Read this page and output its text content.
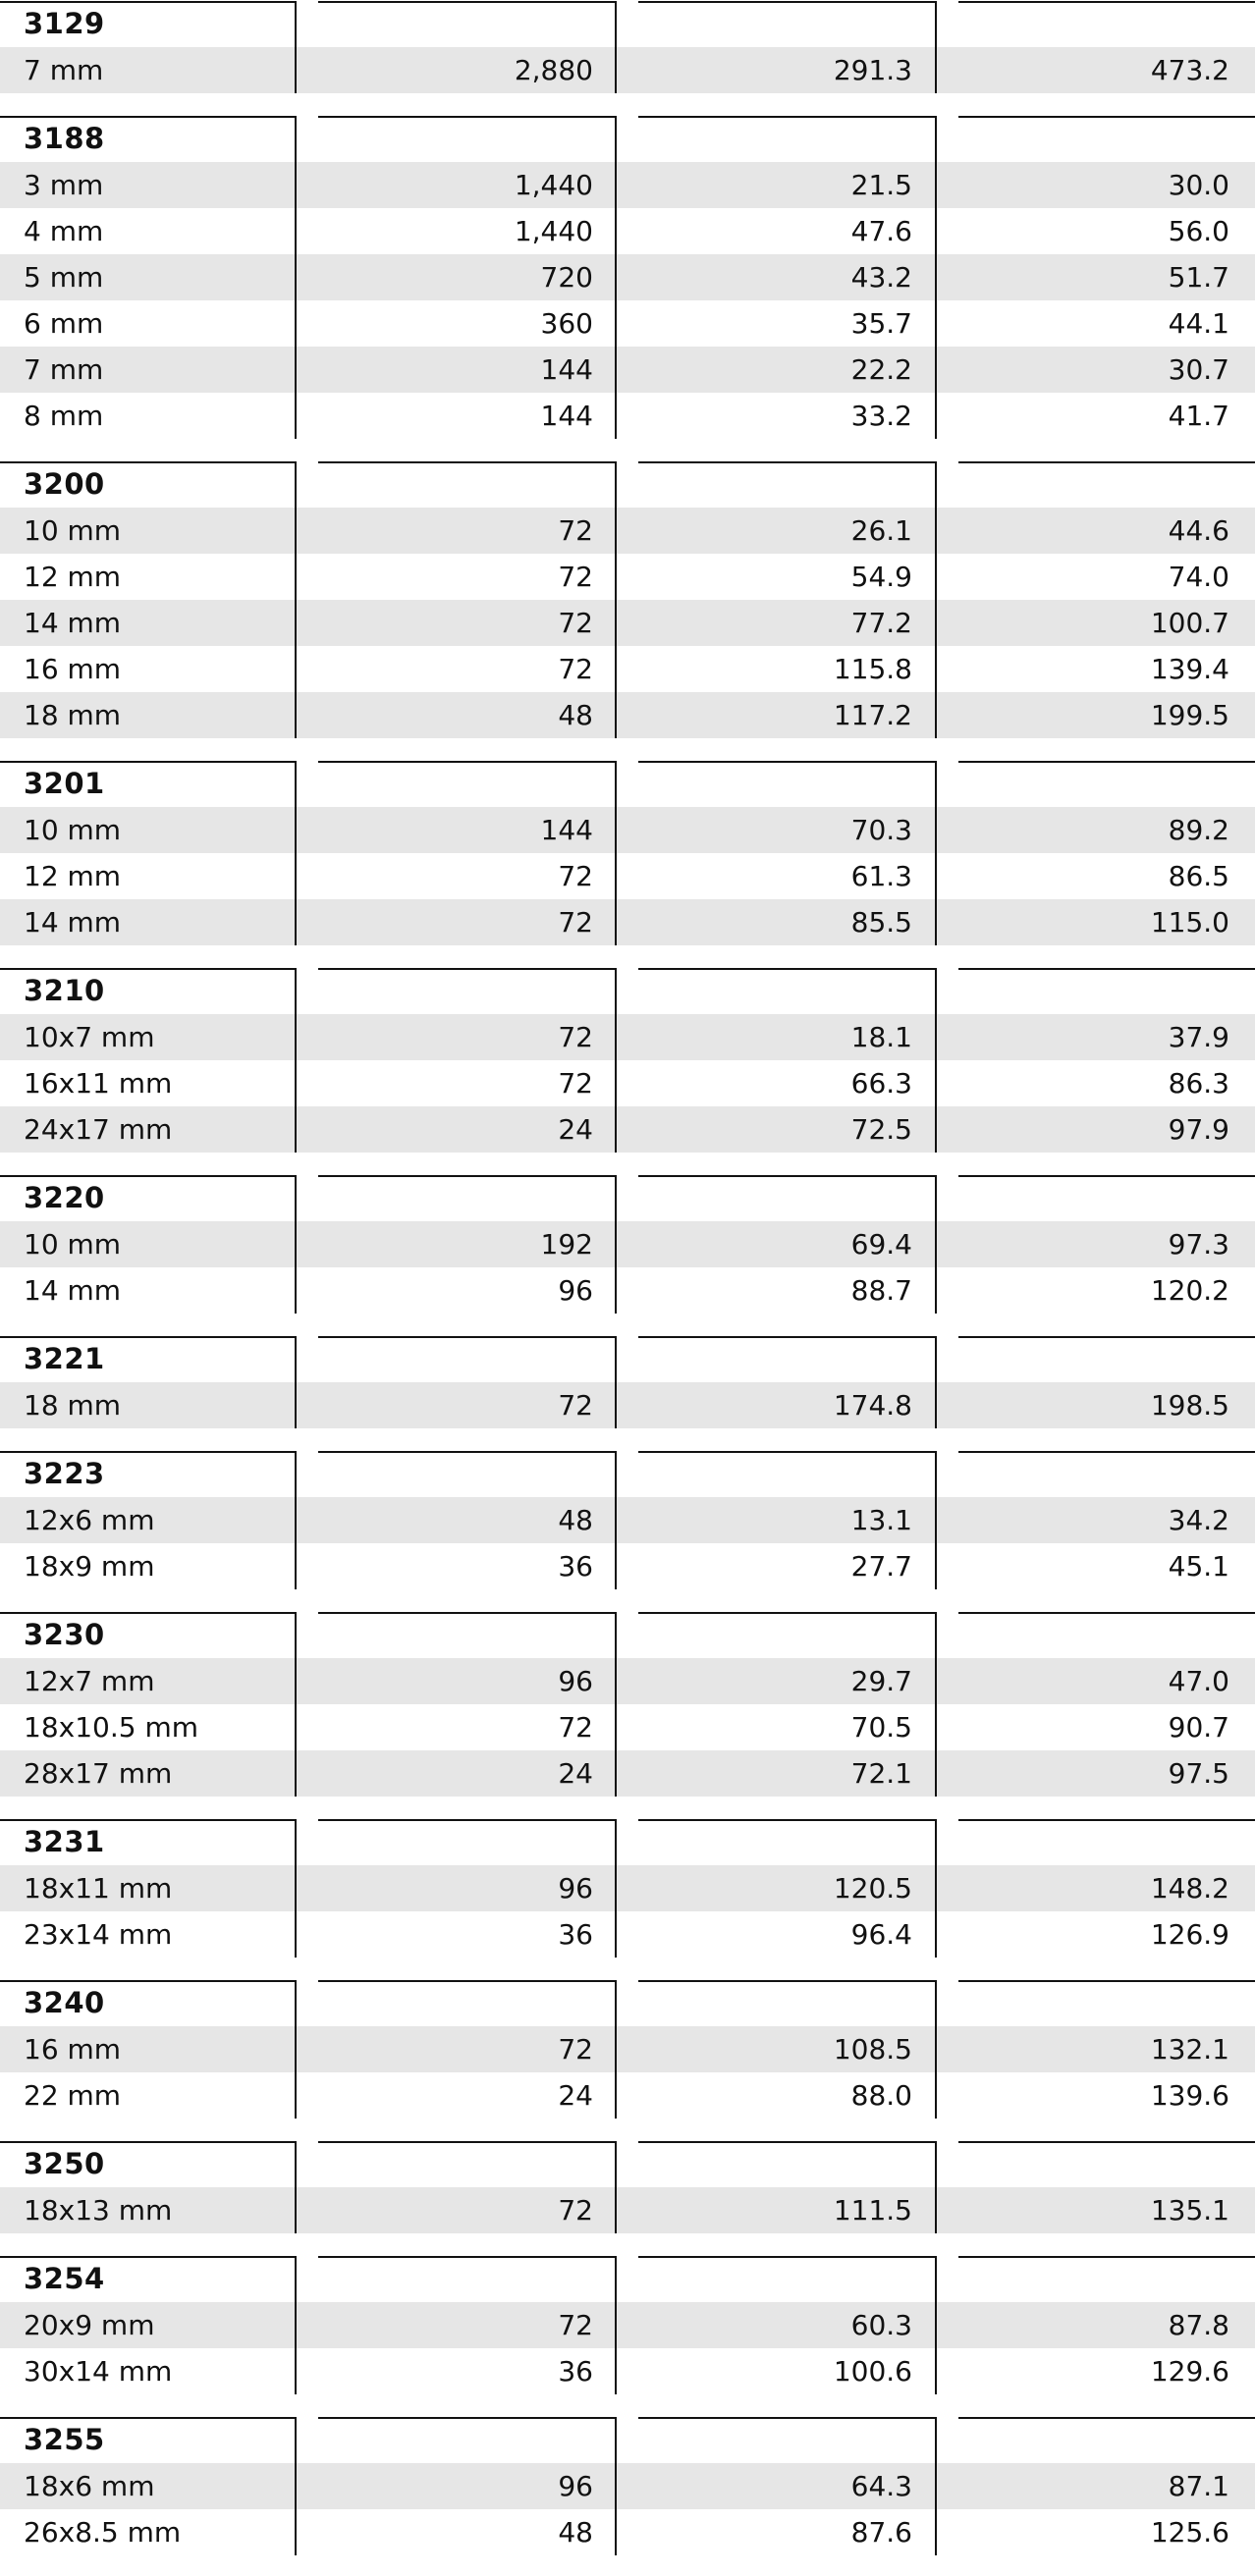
3129
7 mm	2,880	291.3	473.2
3188
3 mm	1,440	21.5	30.0
4 mm	1,440	47.6	56.0
5 mm	720	43.2	51.7
6 mm	360	35.7	44.1
7 mm	144	22.2	30.7
8 mm	144	33.2	41.7
3200
10 mm	72	26.1	44.6
12 mm	72	54.9	74.0
14 mm	72	77.2	100.7
16 mm	72	115.8	139.4
18 mm	48	117.2	199.5
3201
10 mm	144	70.3	89.2
12 mm	72	61.3	86.5
14 mm	72	85.5	115.0
3210
10x7 mm	72	18.1	37.9
16x11 mm	72	66.3	86.3
24x17 mm	24	72.5	97.9
3220
10 mm	192	69.4	97.3
14 mm	96	88.7	120.2
3221
18 mm	72	174.8	198.5
3223
12x6 mm	48	13.1	34.2
18x9 mm	36	27.7	45.1
3230
12x7 mm	96	29.7	47.0
18x10.5 mm	72	70.5	90.7
28x17 mm	24	72.1	97.5
3231
18x11 mm	96	120.5	148.2
23x14 mm	36	96.4	126.9
3240
16 mm	72	108.5	132.1
22 mm	24	88.0	139.6
3250
18x13 mm	72	111.5	135.1
3254
20x9 mm	72	60.3	87.8
30x14 mm	36	100.6	129.6
3255
18x6 mm	96	64.3	87.1
26x8.5 mm	48	87.6	125.6
